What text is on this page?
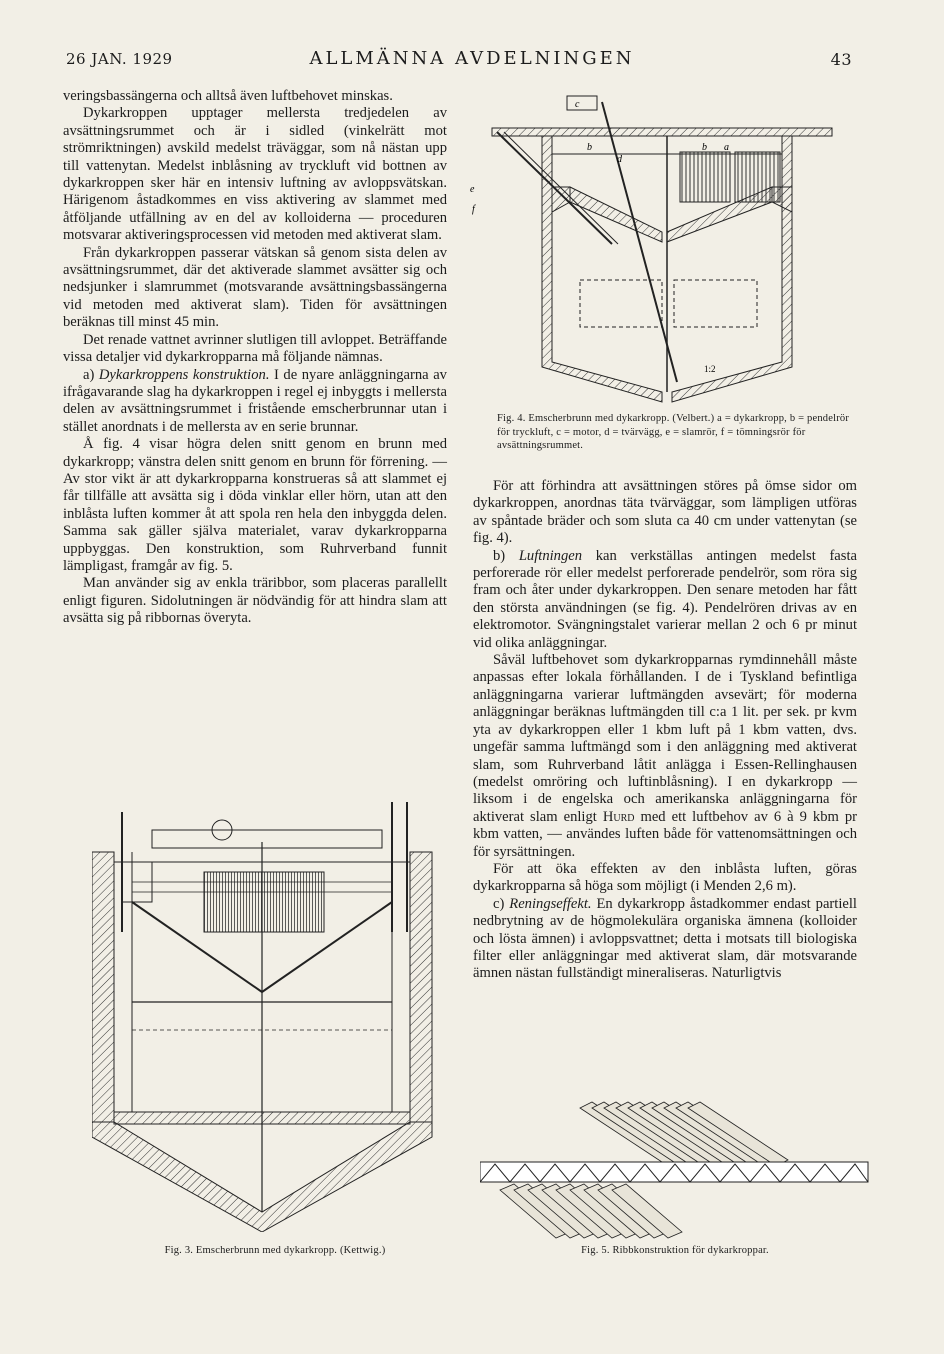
26 JAN. 1929	ALLMÄNNA AVDELNINGEN	43

veringsbassängerna och alltså även luftbehovet minskas.

Dykarkroppen upptager mellersta tredjedelen av avsättningsrummet och är i sidled (vinkelrätt mot strömriktningen) avskild medelst träväggar, som nå nästan upp till vattenytan. Medelst inblåsning av tryckluft vid bottnen av dykarkroppen sker här en intensiv luftning av avloppsvätskan. Härigenom åstadkommes en viss aktivering av slammet med åtföljande utfällning av en del av kolloiderna — proceduren motsvarar aktiveringsprocessen vid metoden med aktiverat slam.

Från dykarkroppen passerar vätskan så genom sista delen av avsättningsrummet, där det aktiverade slammet avsätter sig och nedsjunker i slamrummet (motsvarande avsättningsbassängerna vid metoden med aktiverat slam). Tiden för avsättningen beräknas till minst 45 min.

Det renade vattnet avrinner slutligen till avloppet. Beträffande vissa detaljer vid dykarkropparna må följande nämnas.

a) Dykarkroppens konstruktion. I de nyare anläggningarna av ifrågavarande slag ha dykarkroppen i regel ej inbyggts i mellersta delen av avsättningsrummet i fristående emscherbrunnar utan i stället anordnats i de mellersta av en serie brunnar.

Å fig. 4 visar högra delen snitt genom en brunn med dykarkropp; vänstra delen snitt genom en brunn för förrening. — Av stor vikt är att dykarkropparna konstrueras så att slammet ej får tillfälle att avsätta sig i döda vinklar eller hörn, utan att den inblåsta luften kommer åt att spola ren hela den inbyggda delen. Samma sak gäller själva materialet, varav dykarkropparna uppbyggas. Den konstruktion, som Ruhrverband funnit lämpligast, framgår av fig. 5.

Man använder sig av enkla träribbor, som placeras parallellt enligt figuren. Sidolutningen är nödvändig för att hindra slam att avsätta sig på ribbornas överyta.

c
b
d
b a
e
f
1:2
Fig. 4. Emscherbrunn med dykarkropp. (Velbert.) a = dykarkropp, b = pendelrör för tryckluft, c = motor, d = tvärvägg, e = slamrör, f = tömningsrör för avsättningsrummet.

För att förhindra att avsättningen störes på ömse sidor om dykarkroppen, anordnas täta tvärväggar, som lämpligen utföras av spåntade bräder och som sluta ca 40 cm under vattenytan (se fig. 4).

b) Luftningen kan verkställas antingen medelst fasta perforerade rör eller medelst perforerade pendelrör, som röra sig fram och åter under dykarkroppen. Den senare metoden har fått den största användningen (se fig. 4). Pendelrören drivas av en elektromotor. Svängningstalet varierar mellan 2 och 6 pr minut vid olika anläggningar.

Såväl luftbehovet som dykarkropparnas rymdinnehåll måste anpassas efter lokala förhållanden. I de i Tyskland befintliga anläggningarna varierar luftmängden avsevärt; för moderna anläggningar beräknas luftmängden till c:a 1 lit. per sek. pr kvm yta av dykarkroppen eller 1 kbm luft på 1 kbm vatten, dvs. ungefär samma luftmängd som i den anläggning med aktiverat slam, som Ruhrverband låtit anlägga i Essen-Rellinghausen (medelst omröring och luftinblåsning). I en dykarkropp — liksom i de engelska och amerikanska anläggningarna för aktiverat slam enligt Hurd med ett luftbehov av 6 à 9 kbm pr kbm vatten, — användes luften både för vattenomsättningen och för syrsättningen.

För att öka effekten av den inblåsta luften, göras dykarkropparna så höga som möjligt (i Menden 2,6 m).

c) Reningseffekt. En dykarkropp åstadkommer endast partiell nedbrytning av de högmolekulära organiska ämnena (kolloider och lösta ämnen) i avloppsvattnet; detta i motsats till biologiska filter eller anläggningar med aktiverat slam, där motsvarande ämnen nästan fullständigt mineraliseras. Naturligtvis

Fig. 3. Emscherbrunn med dykarkropp. (Kettwig.)	Fig. 5. Ribbkonstruktion för dykarkroppar.
